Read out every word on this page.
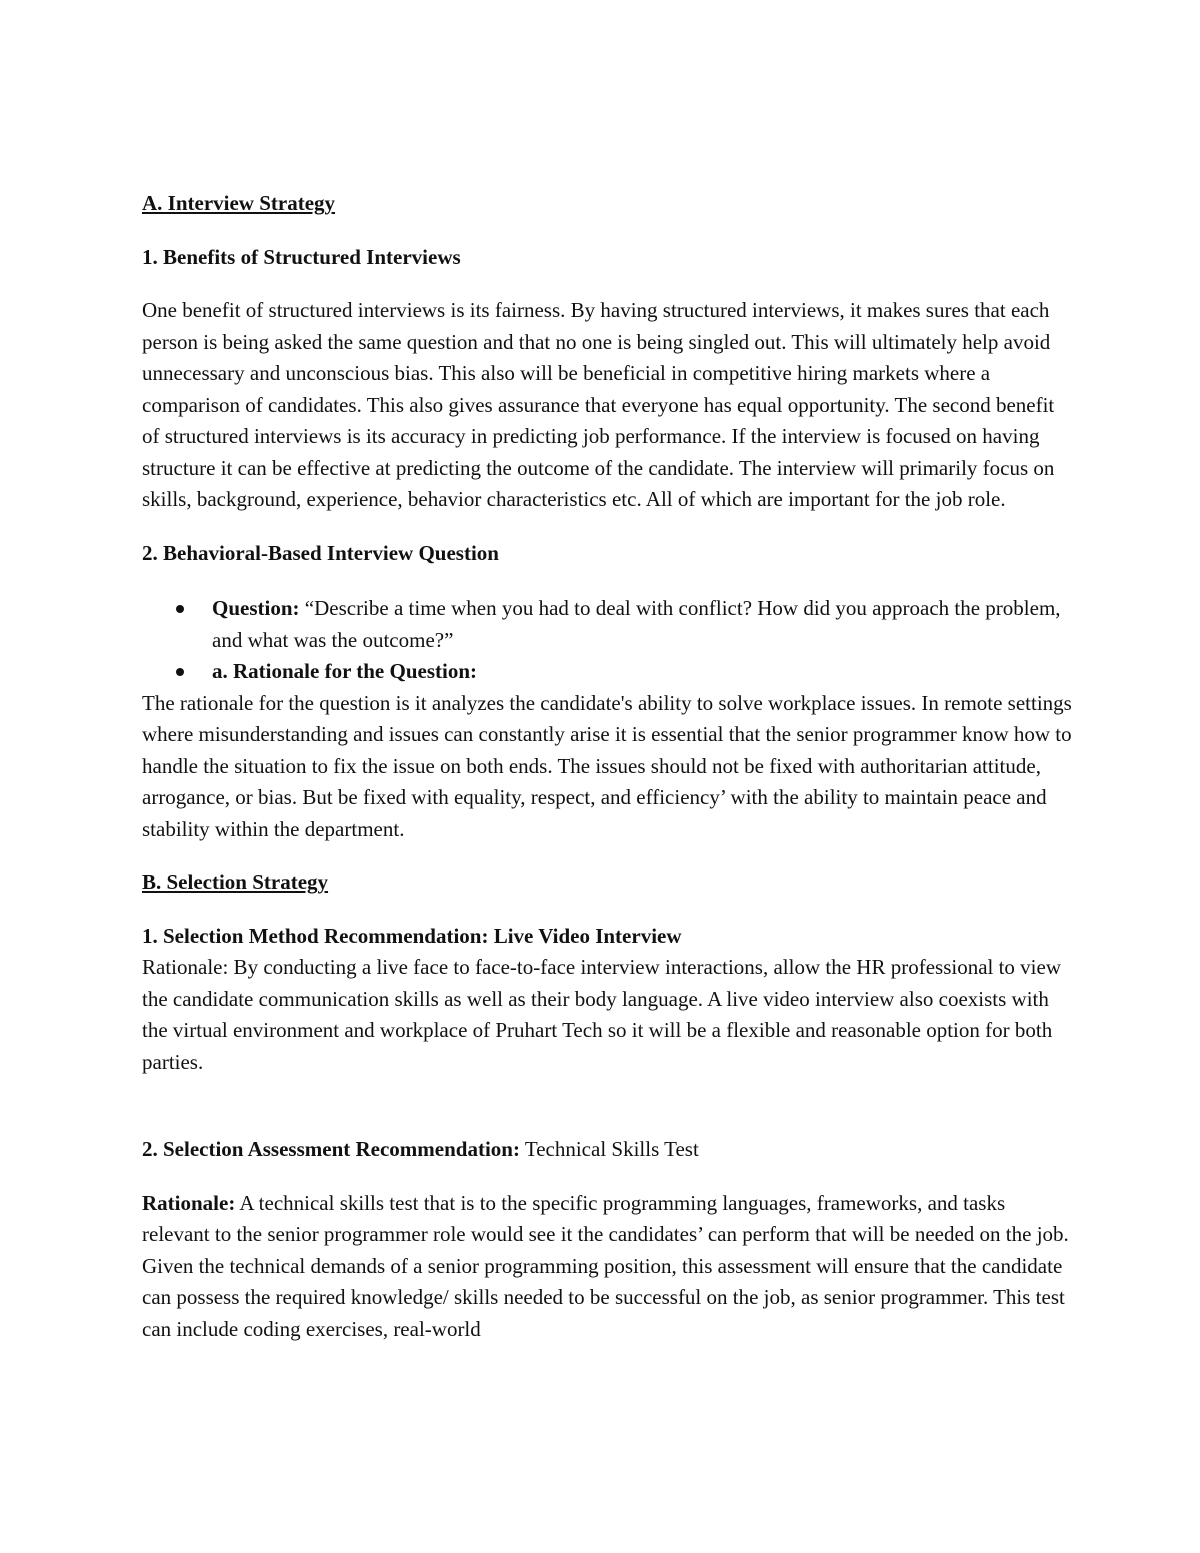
A. Interview Strategy
1. Benefits of Structured Interviews

One benefit of structured interviews is its fairness. By having structured interviews, it makes sures that each person is being asked the same question and that no one is being singled out. This will ultimately help avoid unnecessary and unconscious bias. This also will be beneficial in competitive hiring markets where a comparison of candidates. This also gives assurance that everyone has equal opportunity. The second benefit of structured interviews is its accuracy in predicting job performance. If the interview is focused on having structure it can be effective at predicting the outcome of the candidate. The interview will primarily focus on skills, background, experience, behavior characteristics etc. All of which are important for the job role.

2. Behavioral-Based Interview Question
Question: “Describe a time when you had to deal with conflict? How did you approach the problem, and what was the outcome?”
a. Rationale for the Question:

The rationale for the question is it analyzes the candidate's ability to solve workplace issues. In remote settings where misunderstanding and issues can constantly arise it is essential that the senior programmer know how to handle the situation to fix the issue on both ends. The issues should not be fixed with authoritarian attitude, arrogance, or bias. But be fixed with equality, respect, and efficiency’ with the ability to maintain peace and stability within the department.

B. Selection Strategy
1. Selection Method Recommendation: Live Video Interview

Rationale: By conducting a live face to face-to-face interview interactions, allow the HR professional to view the candidate communication skills as well as their body language. A live video interview also coexists with the virtual environment and workplace of Pruhart Tech so it will be a flexible and reasonable option for both parties.

2. Selection Assessment Recommendation: Technical Skills Test

Rationale: A technical skills test that is to the specific programming languages, frameworks, and tasks relevant to the senior programmer role would see it the candidates’ can perform that will be needed on the job. Given the technical demands of a senior programming position, this assessment will ensure that the candidate can possess the required knowledge/ skills needed to be successful on the job, as senior programmer. This test can include coding exercises, real-world
